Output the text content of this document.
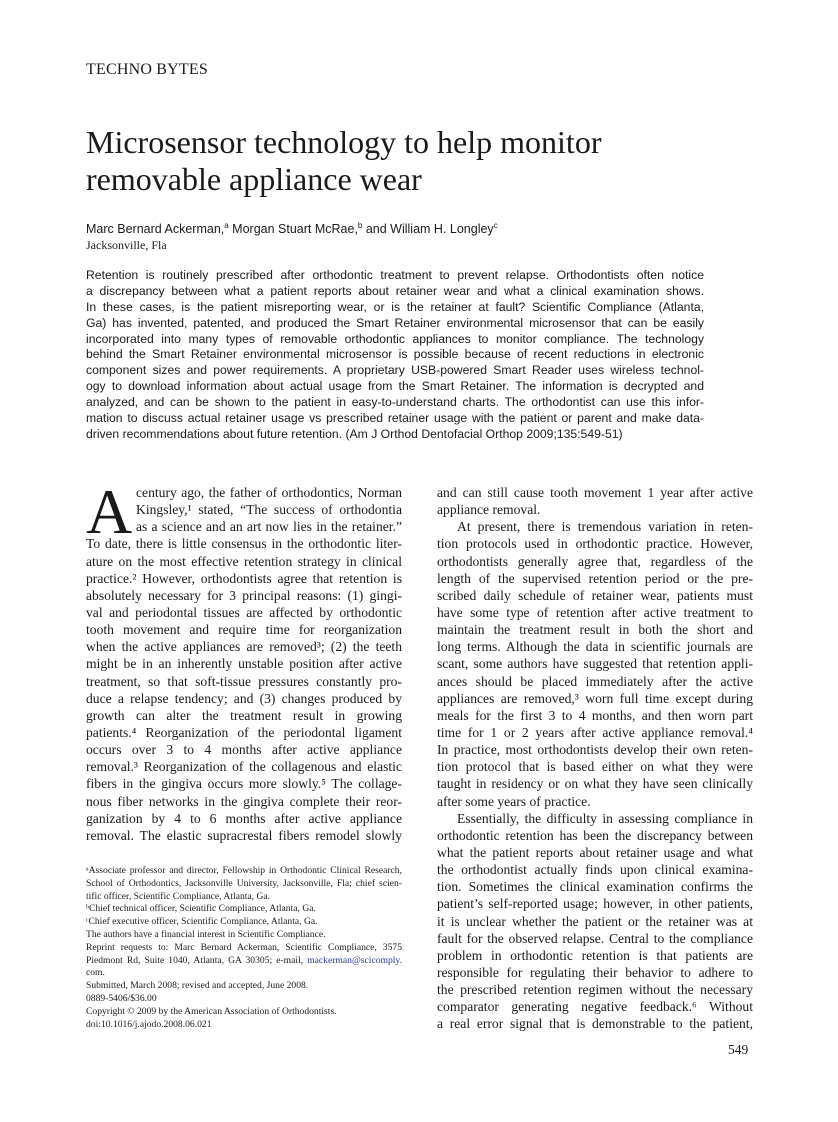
TECHNO BYTES
Microsensor technology to help monitor
removable appliance wear
Marc Bernard Ackerman,$^a$ Morgan Stuart McRae,$^b$ and William H. Longley$^c$
Jacksonville, Fla
Retention is routinely prescribed after orthodontic treatment to prevent relapse. Orthodontists often notice
a discrepancy between what a patient reports about retainer wear and what a clinical examination shows.
In these cases, is the patient misreporting wear, or is the retainer at fault? Scientific Compliance (Atlanta,
Ga) has invented, patented, and produced the Smart Retainer environmental microsensor that can be easily
incorporated into many types of removable orthodontic appliances to monitor compliance. The technology
behind the Smart Retainer environmental microsensor is possible because of recent reductions in electronic
component sizes and power requirements. A proprietary USB-powered Smart Reader uses wireless technol-
ogy to download information about actual usage from the Smart Retainer. The information is decrypted and
analyzed, and can be shown to the patient in easy-to-understand charts. The orthodontist can use this infor-
mation to discuss actual retainer usage vs prescribed retainer usage with the patient or parent and make data-
driven recommendations about future retention. (Am J Orthod Dentofacial Orthop 2009;135:549-51)
A century ago, the father of orthodontics, Norman
Kingsley,¹ stated, “The success of orthodontia
as a science and an art now lies in the retainer.”
To date, there is little consensus in the orthodontic liter-
ature on the most effective retention strategy in clinical
practice.² However, orthodontists agree that retention is
absolutely necessary for 3 principal reasons: (1) gingi-
val and periodontal tissues are affected by orthodontic
tooth movement and require time for reorganization
when the active appliances are removed³; (2) the teeth
might be in an inherently unstable position after active
treatment, so that soft-tissue pressures constantly pro-
duce a relapse tendency; and (3) changes produced by
growth can alter the treatment result in growing
patients.⁴ Reorganization of the periodontal ligament
occurs over 3 to 4 months after active appliance
removal.³ Reorganization of the collagenous and elastic
fibers in the gingiva occurs more slowly.⁵ The collage-
nous fiber networks in the gingiva complete their reor-
ganization by 4 to 6 months after active appliance
removal. The elastic supracrestal fibers remodel slowly
and can still cause tooth movement 1 year after active
appliance removal.
At present, there is tremendous variation in reten-
tion protocols used in orthodontic practice. However,
orthodontists generally agree that, regardless of the
length of the supervised retention period or the pre-
scribed daily schedule of retainer wear, patients must
have some type of retention after active treatment to
maintain the treatment result in both the short and
long terms. Although the data in scientific journals are
scant, some authors have suggested that retention appli-
ances should be placed immediately after the active
appliances are removed,³ worn full time except during
meals for the first 3 to 4 months, and then worn part
time for 1 or 2 years after active appliance removal.⁴
In practice, most orthodontists develop their own reten-
tion protocol that is based either on what they were
taught in residency or on what they have seen clinically
after some years of practice.
Essentially, the difficulty in assessing compliance in
orthodontic retention has been the discrepancy between
what the patient reports about retainer usage and what
the orthodontist actually finds upon clinical examina-
tion. Sometimes the clinical examination confirms the
patient’s self-reported usage; however, in other patients,
it is unclear whether the patient or the retainer was at
fault for the observed relapse. Central to the compliance
problem in orthodontic retention is that patients are
responsible for regulating their behavior to adhere to
the prescribed retention regimen without the necessary
comparator generating negative feedback.⁶ Without
a real error signal that is demonstrable to the patient,
ᵃAssociate professor and director, Fellowship in Orthodontic Clinical Research,
School of Orthodontics, Jacksonville University, Jacksonville, Fla; chief scien-
tific officer, Scientific Compliance, Atlanta, Ga.
ᵇChief technical officer, Scientific Compliance, Atlanta, Ga.
ᶜChief executive officer, Scientific Compliance, Atlanta, Ga.
The authors have a financial interest in Scientific Compliance.
Reprint requests to: Marc Bernard Ackerman, Scientific Compliance, 3575
Piedmont Rd, Suite 1040, Atlanta, GA 30305; e-mail, mackerman@scicomply.
com.
Submitted, March 2008; revised and accepted, June 2008.
0889-5406/$36.00
Copyright © 2009 by the American Association of Orthodontists.
doi:10.1016/j.ajodo.2008.06.021
549
